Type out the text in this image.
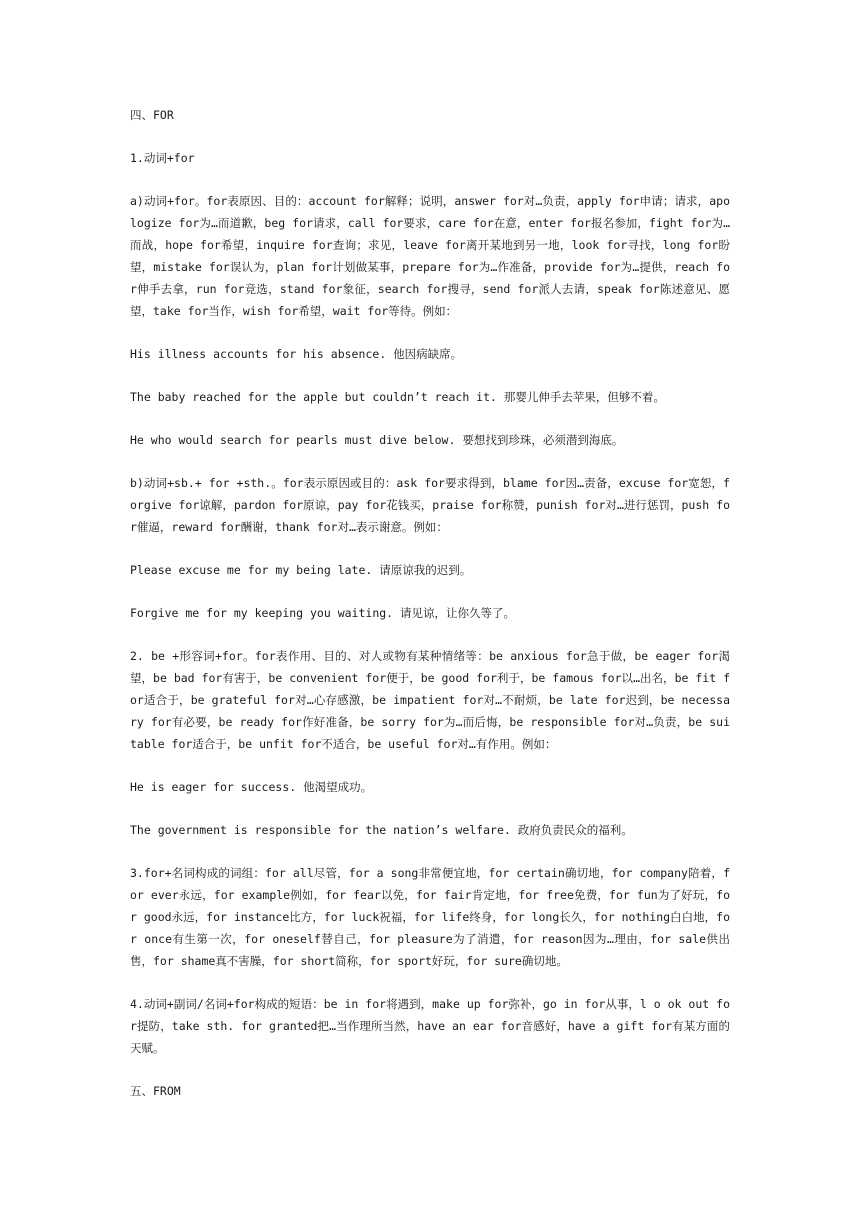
四、FOR
1.动词+for
a)动词+for。for表原因、目的：account for解释；说明，answer for对…负责，apply for申请；请求，apologize for为…而道歉，beg for请求，call for要求，care for在意，enter for报名参加，fight for为…而战，hope for希望，inquire for查询；求见，leave for离开某地到另一地，look for寻找，long for盼望，mistake for误认为，plan for计划做某事，prepare for为…作准备，provide for为…提供，reach for伸手去拿，run for竞选，stand for象征，search for搜寻，send for派人去请，speak for陈述意见、愿望，take for当作，wish for希望，wait for等待。例如：
His illness accounts for his absence. 他因病缺席。
The baby reached for the apple but couldn’t reach it. 那婴儿伸手去苹果，但够不着。
He who would search for pearls must dive below. 要想找到珍珠，必须潜到海底。
b)动词+sb.+ for +sth.。for表示原因或目的：ask for要求得到，blame for因…责备，excuse for宽恕，forgive for谅解，pardon for原谅，pay for花钱买，praise for称赞，punish for对…进行惩罚，push for催逼，reward for酬谢，thank for对…表示谢意。例如：
Please excuse me for my being late. 请原谅我的迟到。
Forgive me for my keeping you waiting. 请见谅，让你久等了。
2. be +形容词+for。for表作用、目的、对人或物有某种情绪等：be anxious for急于做，be eager for渴望，be bad for有害于，be convenient for便于，be good for利于，be famous for以…出名，be fit for适合于，be grateful for对…心存感激，be impatient for对…不耐烦，be late for迟到，be necessary for有必要，be ready for作好准备，be sorry for为…而后悔，be responsible for对…负责，be suitable for适合于，be unfit for不适合，be useful for对…有作用。例如：
He is eager for success. 他渴望成功。
The government is responsible for the nation’s welfare. 政府负责民众的福利。
3.for+名词构成的词组：for all尽管，for a song非常便宜地，for certain确切地，for company陪着，for ever永远，for example例如，for fear以免，for fair肯定地，for free免费，for fun为了好玩，for good永远，for instance比方，for luck祝福，for life终身，for long长久，for nothing白白地，for once有生第一次，for oneself替自己，for pleasure为了消遣，for reason因为…理由，for sale供出售，for shame真不害臊，for short简称，for sport好玩，for sure确切地。
4.动词+副词/名词+for构成的短语：be in for将遇到，make up for弥补，go in for从事，l o ok out for提防，take sth. for granted把…当作理所当然，have an ear for音感好，have a gift for有某方面的天赋。
五、FROM
